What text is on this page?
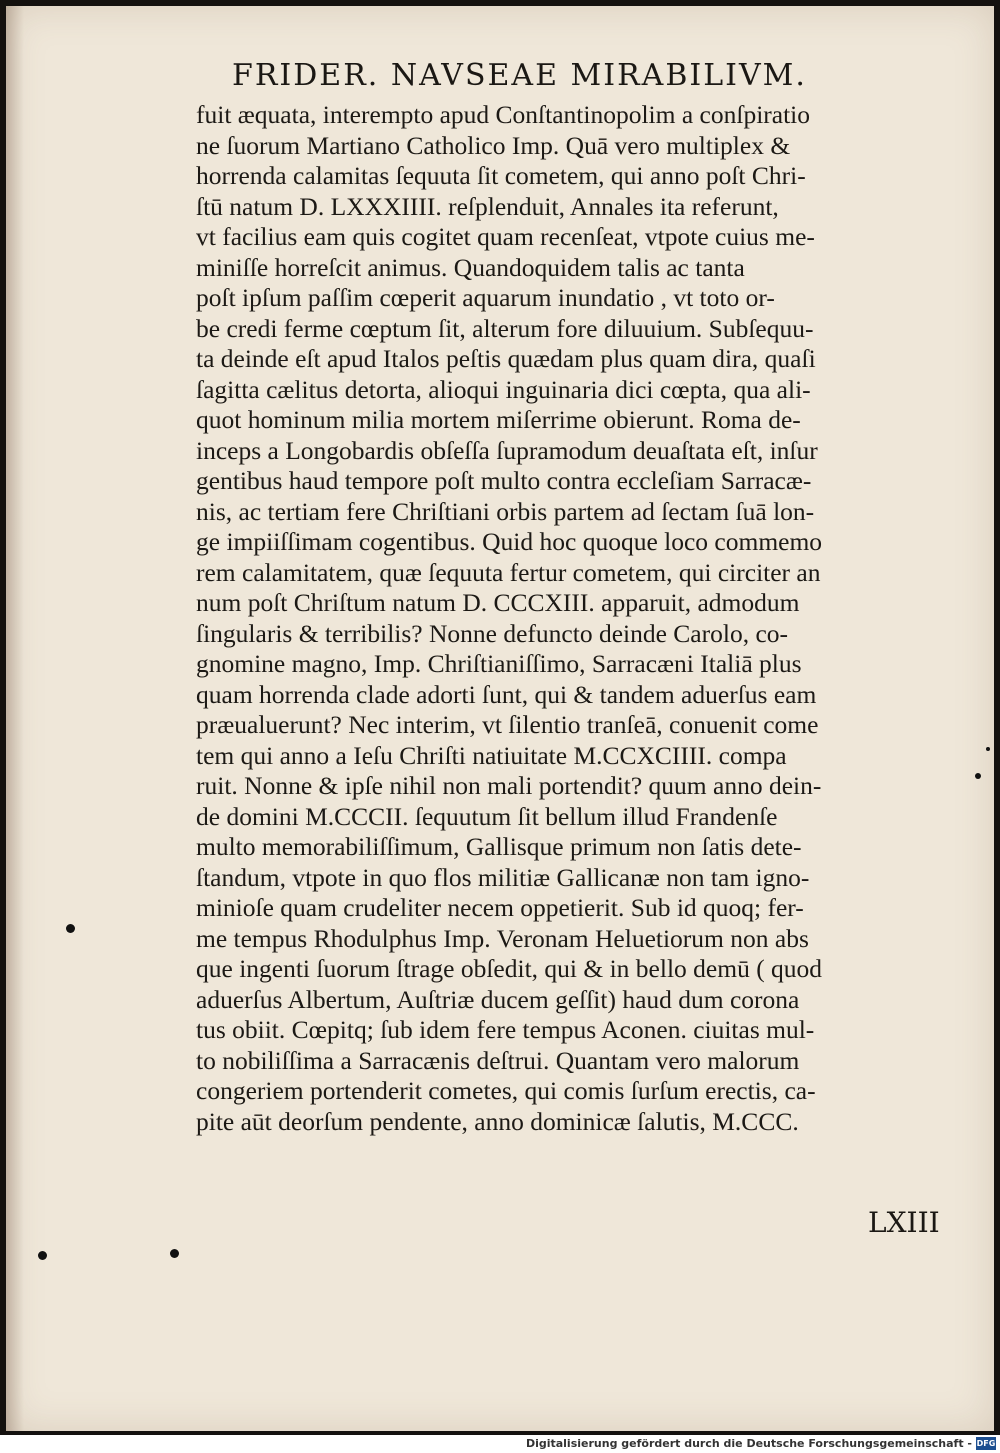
FRIDER. NAVSEAE MIRABILIVM.
fuit æquata, interempto apud Conſtantinopolim a conſpiratio
ne ſuorum Martiano Catholico Imp. Quā vero multiplex &
horrenda calamitas ſequuta ſit cometem, qui anno poſt Chri-
ſtū natum D. LXXXIIII. reſplenduit, Annales ita referunt,
vt facilius eam quis cogitet quam recenſeat, vtpote cuius me-
miniſſe horreſcit animus. Quandoquidem talis ac tanta
poſt ipſum paſſim cœperit aquarum inundatio , vt toto or-
be credi ferme cœptum ſit, alterum fore diluuium. Subſequu-
ta deinde eſt apud Italos peſtis quædam plus quam dira, quaſi
ſagitta cælitus detorta, alioqui inguinaria dici cœpta, qua ali-
quot hominum milia mortem miſerrime obierunt. Roma de-
inceps a Longobardis obſeſſa ſupramodum deuaſtata eſt, inſur
gentibus haud tempore poſt multo contra eccleſiam Sarracæ-
nis, ac tertiam fere Chriſtiani orbis partem ad ſectam ſuā lon-
ge impiiſſimam cogentibus. Quid hoc quoque loco commemo
rem calamitatem, quæ ſequuta fertur cometem, qui circiter an
num poſt Chriſtum natum D. CCCXIII. apparuit, admodum
ſingularis & terribilis? Nonne defuncto deinde Carolo, co-
gnomine magno, Imp. Chriſtianiſſimo, Sarracæni Italiā plus
quam horrenda clade adorti ſunt, qui & tandem aduerſus eam
præualuerunt? Nec interim, vt ſilentio tranſeā, conuenit come
tem qui anno a Ieſu Chriſti natiuitate M.CCXCIIII. compa
ruit. Nonne & ipſe nihil non mali portendit? quum anno dein-
de domini M.CCCII. ſequutum ſit bellum illud Frandenſe
multo memorabiliſſimum, Gallisque primum non ſatis dete-
ſtandum, vtpote in quo flos militiæ Gallicanæ non tam igno-
minioſe quam crudeliter necem oppetierit. Sub id quoq; fer-
me tempus Rhodulphus Imp. Veronam Heluetiorum non abs
que ingenti ſuorum ſtrage obſedit, qui & in bello demū ( quod
aduerſus Albertum, Auſtriæ ducem geſſit) haud dum corona
tus obiit. Cœpitq; ſub idem fere tempus Aconen. ciuitas mul-
to nobiliſſima a Sarracænis deſtrui. Quantam vero malorum
congeriem portenderit cometes, qui comis ſurſum erectis, ca-
pite aūt deorſum pendente, anno dominicæ ſalutis, M.CCC.
LXIII
Digitalisierung gefördert durch die Deutsche Forschungsgemeinschaft - DFG
